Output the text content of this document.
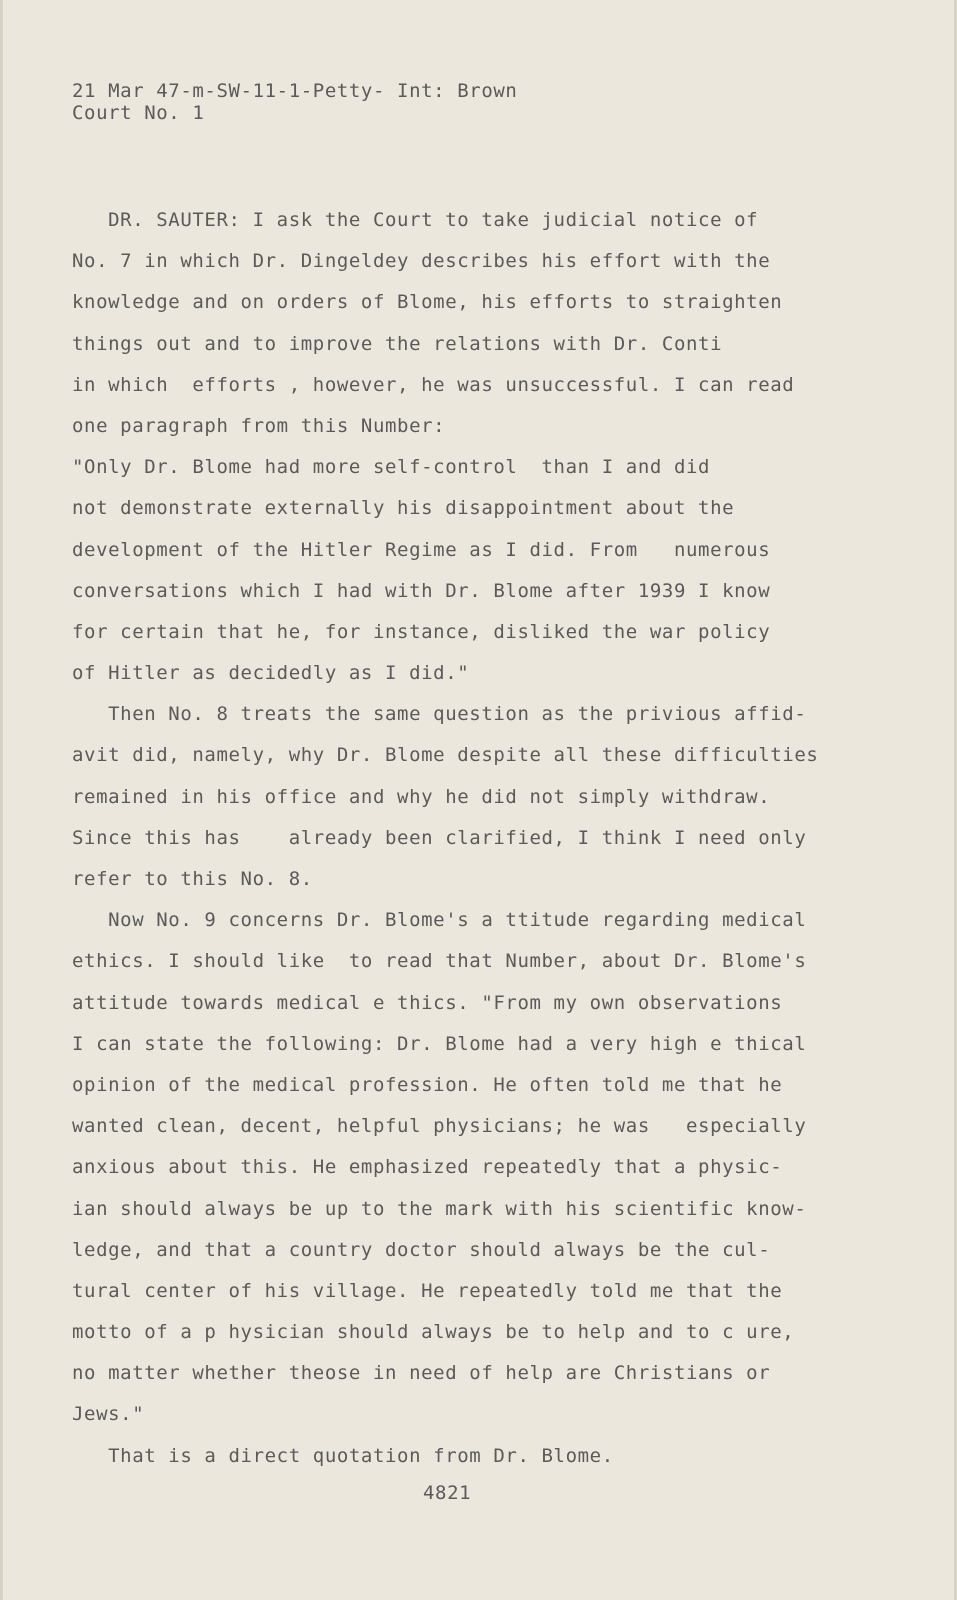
21 Mar 47-m-SW-11-1-Petty- Int: Brown
Court No. 1
DR. SAUTER: I ask the Court to take judicial notice of
No. 7 in which Dr. Dingeldey describes his effort with the
knowledge and on orders of Blome, his efforts to straighten
things out and to improve the relations with Dr. Conti
in which  efforts , however, he was unsuccessful. I can read
one paragraph from this Number:
"Only Dr. Blome had more self-control  than I and did
not demonstrate externally his disappointment about the
development of the Hitler Regime as I did. From   numerous
conversations which I had with Dr. Blome after 1939 I know
for certain that he, for instance, disliked the war policy
of Hitler as decidedly as I did."
Then No. 8 treats the same question as the privious affid-
avit did, namely, why Dr. Blome despite all these difficulties
remained in his office and why he did not simply withdraw.
Since this has    already been clarified, I think I need only
refer to this No. 8.
Now No. 9 concerns Dr. Blome's a ttitude regarding medical
ethics. I should like  to read that Number, about Dr. Blome's
attitude towards medical e thics. "From my own observations
I can state the following: Dr. Blome had a very high e thical
opinion of the medical profession. He often told me that he
wanted clean, decent, helpful physicians; he was   especially
anxious about this. He emphasized repeatedly that a physic-
ian should always be up to the mark with his scientific know-
ledge, and that a country doctor should always be the cul-
tural center of his village. He repeatedly told me that the
motto of a p hysician should always be to help and to c ure,
no matter whether theose in need of help are Christians or
Jews."
That is a direct quotation from Dr. Blome.
4821
